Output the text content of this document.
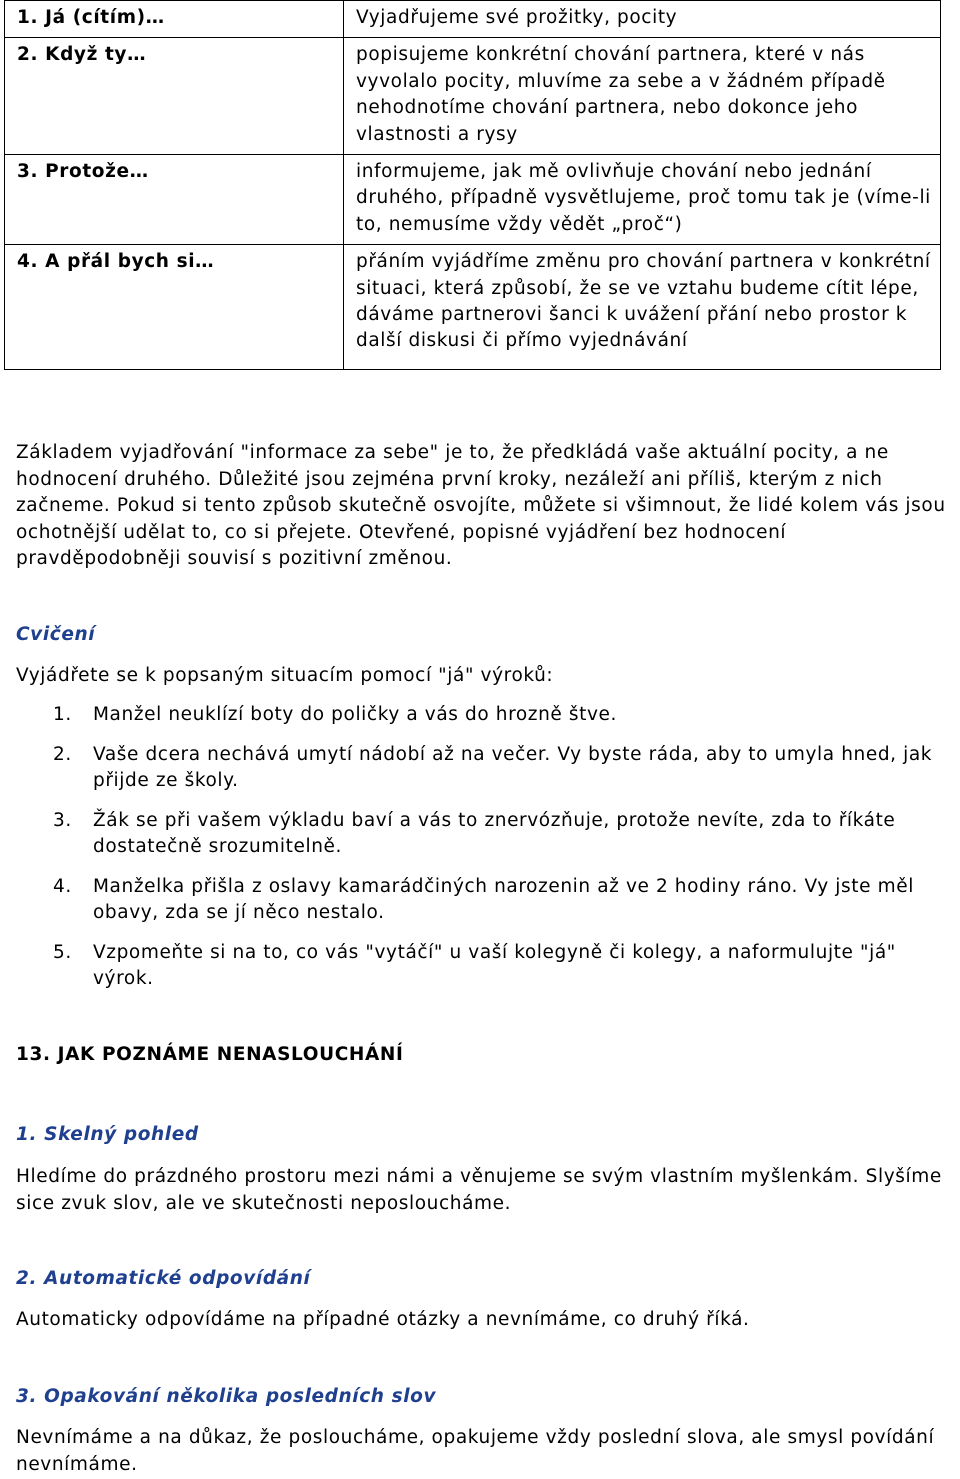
1. Já (cítím)…	Vyjadřujeme své prožitky, pocity
2. Když ty…	popisujeme konkrétní chování partnera, které v nás vyvolalo pocity, mluvíme za sebe a v žádném případě nehodnotíme chování partnera, nebo dokonce jeho vlastnosti a rysy
3. Protože…	informujeme, jak mě ovlivňuje chování nebo jednání druhého, případně vysvětlujeme, proč tomu tak je (víme-li to, nemusíme vždy vědět „proč“)
4. A přál bych si…	přáním vyjádříme změnu pro chování partnera v konkrétní situaci, která způsobí, že se ve vztahu budeme cítit lépe, dáváme partnerovi šanci k uvážení přání nebo prostor k další diskusi či přímo vyjednávání
Základem vyjadřování "informace za sebe" je to, že předkládá vaše aktuální pocity, a ne hodnocení druhého. Důležité jsou zejména první kroky, nezáleží ani příliš, kterým z nich začneme. Pokud si tento způsob skutečně osvojíte, můžete si všimnout, že lidé kolem vás jsou ochotnější udělat to, co si přejete. Otevřené, popisné vyjádření bez hodnocení pravděpodobněji souvisí s pozitivní změnou.
Cvičení
Vyjádřete se k popsaným situacím pomocí "já" výroků:
1. Manžel neuklízí boty do poličky a vás do hrozně štve.
2. Vaše dcera nechává umytí nádobí až na večer. Vy byste ráda, aby to umyla hned, jak přijde ze školy.
3. Žák se při vašem výkladu baví a vás to znervózňuje, protože nevíte, zda to říkáte dostatečně srozumitelně.
4. Manželka přišla z oslavy kamarádčiných narozenin až ve 2 hodiny ráno. Vy jste měl obavy, zda se jí něco nestalo.
5. Vzpomeňte si na to, co vás "vytáčí" u vaší kolegyně či kolegy, a naformulujte "já" výrok.
13. JAK POZNÁME NENASLOUCHÁNÍ
1. Skelný pohled
Hledíme do prázdného prostoru mezi námi a věnujeme se svým vlastním myšlenkám. Slyšíme sice zvuk slov, ale ve skutečnosti neposloucháme.
2. Automatické odpovídání
Automaticky odpovídáme na případné otázky a nevnímáme, co druhý říká.
3. Opakování několika posledních slov
Nevnímáme a na důkaz, že posloucháme, opakujeme vždy poslední slova, ale smysl povídání nevnímáme.
